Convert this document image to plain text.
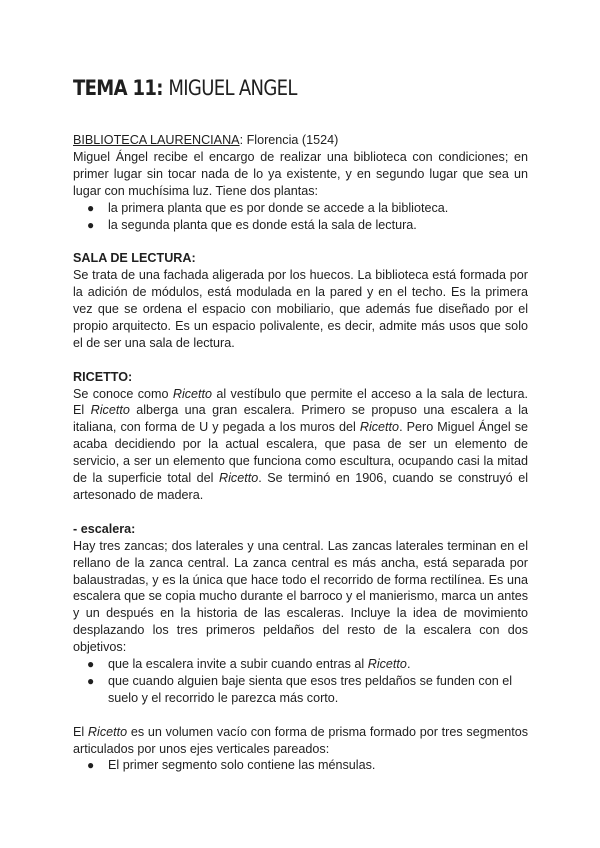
TEMA 11: MIGUEL ANGEL

BIBLIOTECA LAURENCIANA: Florencia (1524)

Miguel Ángel recibe el encargo de realizar una biblioteca con condiciones; en primer lugar sin tocar nada de lo ya existente, y en segundo lugar que sea un lugar con muchísima luz. Tiene dos plantas:

● la primera planta que es por donde se accede a la biblioteca.
● la segunda planta que es donde está la sala de lectura.

SALA DE LECTURA:

Se trata de una fachada aligerada por los huecos. La biblioteca está formada por la adición de módulos, está modulada en la pared y en el techo. Es la primera vez que se ordena el espacio con mobiliario, que además fue diseñado por el propio arquitecto. Es un espacio polivalente, es decir, admite más usos que solo el de ser una sala de lectura.

RICETTO:

Se conoce como Ricetto al vestíbulo que permite el acceso a la sala de lectura. El Ricetto alberga una gran escalera. Primero se propuso una escalera a la italiana, con forma de U y pegada a los muros del Ricetto. Pero Miguel Ángel se acaba decidiendo por la actual escalera, que pasa de ser un elemento de servicio, a ser un elemento que funciona como escultura, ocupando casi la mitad de la superficie total del Ricetto. Se terminó en 1906, cuando se construyó el artesonado de madera.

- escalera:

Hay tres zancas; dos laterales y una central. Las zancas laterales terminan en el rellano de la zanca central. La zanca central es más ancha, está separada por balaustradas, y es la única que hace todo el recorrido de forma rectilínea. Es una escalera que se copia mucho durante el barroco y el manierismo, marca un antes y un después en la historia de las escaleras. Incluye la idea de movimiento desplazando los tres primeros peldaños del resto de la escalera con dos objetivos:

● que la escalera invite a subir cuando entras al Ricetto.
● que cuando alguien baje sienta que esos tres peldaños se funden con el suelo y el recorrido le parezca más corto.

El Ricetto es un volumen vacío con forma de prisma formado por tres segmentos articulados por unos ejes verticales pareados:

● El primer segmento solo contiene las ménsulas.
